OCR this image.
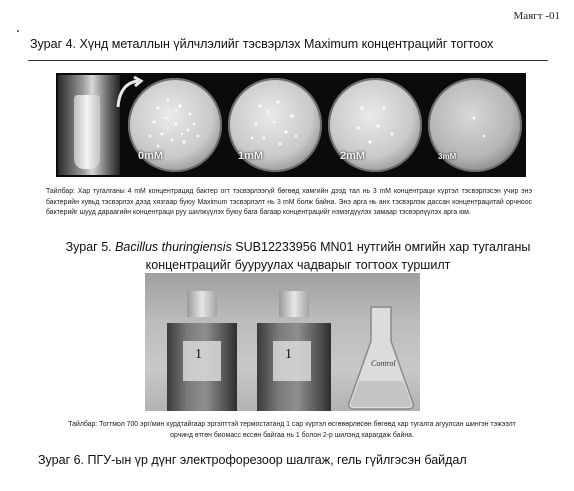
Маягт -01
Зураг 4. Хүнд металлын үйлчлэлийг тэсвэрлэх Maximum концентрацийг тогтоох
0mM	1mM	2mM	3mM
Тайлбар: Хар тугалганы 4 mM концентрацид бактер огт тэсвэрлээгүй бөгөөд хамгийн дээд тал нь 3 mM концентраци хүртэл тэсвэрлэсэн учир энэ бактерийн хувьд тэсвэрлэх дээд хязгаар буюу Maximum тэсвэрлэлт нь 3 mM болж байна. Энэ арга нь анх тэсвэрлэж дассан концентрацитай орчноос бактерийг шууд дараагийн концентраци руу шилжүүлэх буюу бага багаар концентрацийг нэмэгдүүлэх замаар тэсвэрлүүлэх арга юм.
Зураг 5. Bacillus thuringiensis SUB12233956 MN01 нутгийн омгийн хар тугалганы концентрацийг бууруулах чадварыг тогтоох туршилт
1	1
Control
Тайлбар: Тогтмол 700 эрг/мин хурдтайгаар эргэлттэй термостатанд 1 сар хүртэл өсгөвөрлөсөн бөгөөд хар тугалга агуулсан шингэн тэжээлт орчинд өтгөн биомасс өссөн байгаа нь 1 болон 2-р шилэнд харагдаж байна.
Зураг 6. ПГУ-ын үр дүнг электрофорезоор шалгаж, гель гүйлгэсэн байдал
